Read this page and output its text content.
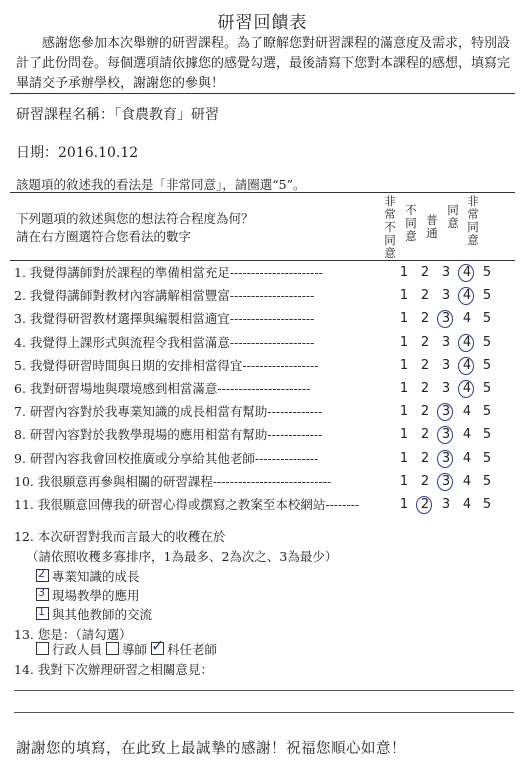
研習回饋表
感謝您參加本次舉辦的研習課程。為了瞭解您對研習課程的滿意度及需求，特別設計了此份問卷。每個選項請依據您的感覺勾選，最後請寫下您對本課程的感想，填寫完畢請交予承辦學校，謝謝您的參與！
研習課程名稱：「食農教育」研習
日期：2016.10.12
該題項的敘述我的看法是「非常同意」，請圈選“5”。
下列題項的敘述與您的想法符合程度為何？
請在右方圈選符合您看法的數字
非常不同意
不同意
普通
同意
非常同意
1. 我覺得講師對於課程的準備相當充足----------------------	1 2 3 4 5
2. 我覺得講師對教材內容講解相當豐富--------------------	1 2 3 4 5
3. 我覺得研習教材選擇與編製相當適宜--------------------	1 2 3 4 5
4. 我覺得上課形式與流程令我相當滿意--------------------	1 2 3 4 5
5. 我覺得研習時間與日期的安排相當得宜------------------	1 2 3 4 5
6. 我對研習場地與環境感到相當滿意----------------------	1 2 3 4 5
7. 研習內容對於我專業知識的成長相當有幫助-------------	1 2 3 4 5
8. 研習內容對於我教學現場的應用相當有幫助-------------	1 2 3 4 5
9. 研習內容我會回校推廣或分享給其他老師---------------	1 2 3 4 5
10. 我很願意再參與相關的研習課程----------------------------	1 2 3 4 5
11. 我很願意回傳我的研習心得或撰寫之教案至本校網站--------	1 2 3 4 5
12. 本次研習對我而言最大的收穫在於
（請依照收穫多寡排序，1為最多、2為次之、3為最少）
2 專業知識的成長
3 現場教學的應用
1 與其他教師的交流
13. 您是：（請勾選）
行政人員 導師 ✓ 科任老師
14. 我對下次辦理研習之相關意見：
謝謝您的填寫，在此致上最誠摯的感謝！祝福您順心如意！
